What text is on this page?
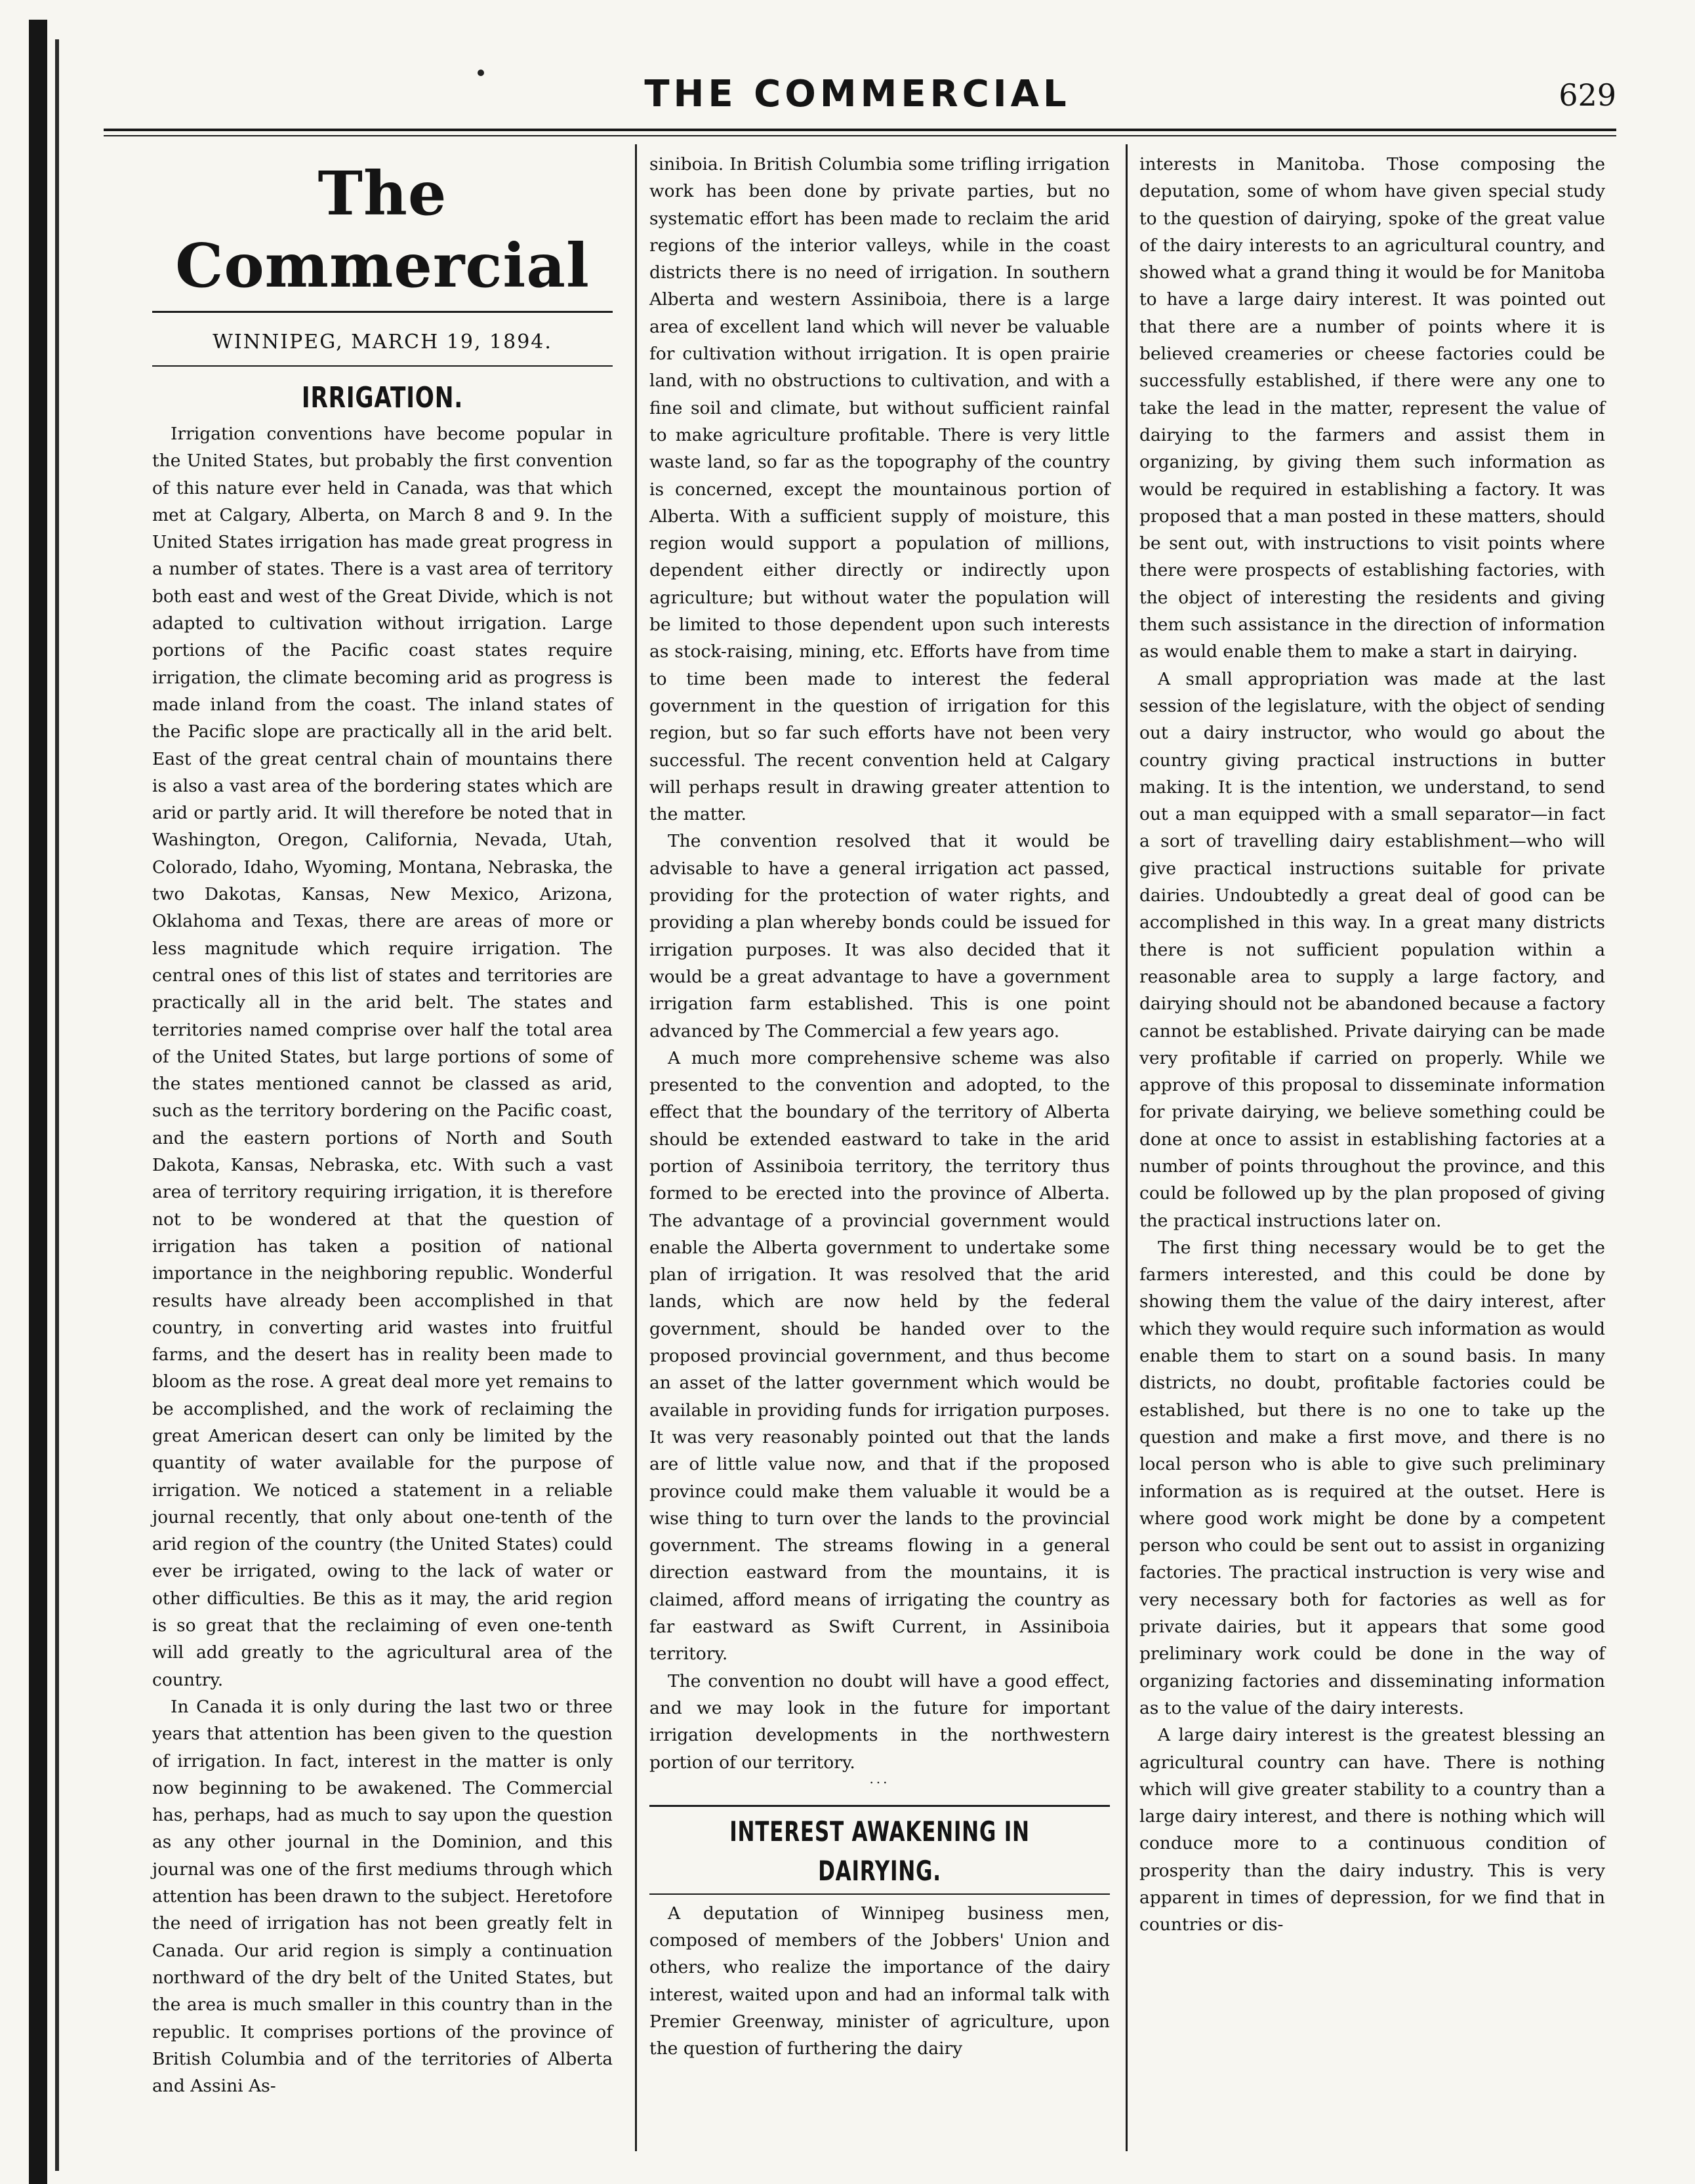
THE COMMERCIAL	629
The Commercial
WINNIPEG, MARCH 19, 1894.
IRRIGATION.

Irrigation conventions have become popular in the United States, but probably the first convention of this nature ever held in Canada, was that which met at Calgary, Alberta, on March 8 and 9. In the United States irrigation has made great progress in a number of states. There is a vast area of territory both east and west of the Great Divide, which is not adapted to cultivation without irrigation. Large portions of the Pacific coast states require irrigation, the climate becoming arid as progress is made inland from the coast. The inland states of the Pacific slope are practically all in the arid belt. East of the great central chain of mountains there is also a vast area of the bordering states which are arid or partly arid. It will therefore be noted that in Washington, Oregon, California, Nevada, Utah, Colorado, Idaho, Wyoming, Montana, Nebraska, the two Dakotas, Kansas, New Mexico, Arizona, Oklahoma and Texas, there are areas of more or less magnitude which require irrigation. The central ones of this list of states and territories are practically all in the arid belt. The states and territories named comprise over half the total area of the United States, but large portions of some of the states mentioned cannot be classed as arid, such as the territory bordering on the Pacific coast, and the eastern portions of North and South Dakota, Kansas, Nebraska, etc. With such a vast area of territory requiring irrigation, it is therefore not to be wondered at that the question of irrigation has taken a position of national importance in the neighboring republic. Wonderful results have already been accomplished in that country, in converting arid wastes into fruitful farms, and the desert has in reality been made to bloom as the rose. A great deal more yet remains to be accomplished, and the work of reclaiming the great American desert can only be limited by the quantity of water available for the purpose of irrigation. We noticed a statement in a reliable journal recently, that only about one-tenth of the arid region of the country (the United States) could ever be irrigated, owing to the lack of water or other difficulties. Be this as it may, the arid region is so great that the reclaiming of even one-tenth will add greatly to the agricultural area of the country.

In Canada it is only during the last two or three years that attention has been given to the question of irrigation. In fact, interest in the matter is only now beginning to be awakened. The Commercial has, perhaps, had as much to say upon the question as any other journal in the Dominion, and this journal was one of the first mediums through which attention has been drawn to the subject. Heretofore the need of irrigation has not been greatly felt in Canada. Our arid region is simply a continuation northward of the dry belt of the United States, but the area is much smaller in this country than in the republic. It comprises portions of the province of British Columbia and of the territories of Alberta and Assini As-

siniboia. In British Columbia some trifling irrigation work has been done by private parties, but no systematic effort has been made to reclaim the arid regions of the interior valleys, while in the coast districts there is no need of irrigation. In southern Alberta and western Assiniboia, there is a large area of excellent land which will never be valuable for cultivation without irrigation. It is open prairie land, with no obstructions to cultivation, and with a fine soil and climate, but without sufficient rainfal to make agriculture profitable. There is very little waste land, so far as the topography of the country is concerned, except the mountainous portion of Alberta. With a sufficient supply of moisture, this region would support a population of millions, dependent either directly or indirectly upon agriculture; but without water the population will be limited to those dependent upon such interests as stock-raising, mining, etc. Efforts have from time to time been made to interest the federal government in the question of irrigation for this region, but so far such efforts have not been very successful. The recent convention held at Calgary will perhaps result in drawing greater attention to the matter.

The convention resolved that it would be advisable to have a general irrigation act passed, providing for the protection of water rights, and providing a plan whereby bonds could be issued for irrigation purposes. It was also decided that it would be a great advantage to have a government irrigation farm established. This is one point advanced by The Commercial a few years ago.

A much more comprehensive scheme was also presented to the convention and adopted, to the effect that the boundary of the territory of Alberta should be extended eastward to take in the arid portion of Assiniboia territory, the territory thus formed to be erected into the province of Alberta. The advantage of a provincial government would enable the Alberta government to undertake some plan of irrigation. It was resolved that the arid lands, which are now held by the federal government, should be handed over to the proposed provincial government, and thus become an asset of the latter government which would be available in providing funds for irrigation purposes. It was very reasonably pointed out that the lands are of little value now, and that if the proposed province could make them valuable it would be a wise thing to turn over the lands to the provincial government. The streams flowing in a general direction eastward from the mountains, it is claimed, afford means of irrigating the country as far eastward as Swift Current, in Assiniboia territory.

The convention no doubt will have a good effect, and we may look in the future for important irrigation developments in the northwestern portion of our territory.

...
INTEREST AWAKENING IN DAIRYING.

A deputation of Winnipeg business men, composed of members of the Jobbers' Union and others, who realize the importance of the dairy interest, waited upon and had an informal talk with Premier Greenway, minister of agriculture, upon the question of furthering the dairy

interests in Manitoba. Those composing the deputation, some of whom have given special study to the question of dairying, spoke of the great value of the dairy interests to an agricultural country, and showed what a grand thing it would be for Manitoba to have a large dairy interest. It was pointed out that there are a number of points where it is believed creameries or cheese factories could be successfully established, if there were any one to take the lead in the matter, represent the value of dairying to the farmers and assist them in organizing, by giving them such information as would be required in establishing a factory. It was proposed that a man posted in these matters, should be sent out, with instructions to visit points where there were prospects of establishing factories, with the object of interesting the residents and giving them such assistance in the direction of information as would enable them to make a start in dairying.

A small appropriation was made at the last session of the legislature, with the object of sending out a dairy instructor, who would go about the country giving practical instructions in butter making. It is the intention, we understand, to send out a man equipped with a small separator—in fact a sort of travelling dairy establishment—who will give practical instructions suitable for private dairies. Undoubtedly a great deal of good can be accomplished in this way. In a great many districts there is not sufficient population within a reasonable area to supply a large factory, and dairying should not be abandoned because a factory cannot be established. Private dairying can be made very profitable if carried on properly. While we approve of this proposal to disseminate information for private dairying, we believe something could be done at once to assist in establishing factories at a number of points throughout the province, and this could be followed up by the plan proposed of giving the practical instructions later on.

The first thing necessary would be to get the farmers interested, and this could be done by showing them the value of the dairy interest, after which they would require such information as would enable them to start on a sound basis. In many districts, no doubt, profitable factories could be established, but there is no one to take up the question and make a first move, and there is no local person who is able to give such preliminary information as is required at the outset. Here is where good work might be done by a competent person who could be sent out to assist in organizing factories. The practical instruction is very wise and very necessary both for factories as well as for private dairies, but it appears that some good preliminary work could be done in the way of organizing factories and disseminating information as to the value of the dairy interests.

A large dairy interest is the greatest blessing an agricultural country can have. There is nothing which will give greater stability to a country than a large dairy interest, and there is nothing which will conduce more to a continuous condition of prosperity than the dairy industry. This is very apparent in times of depression, for we find that in countries or dis-
